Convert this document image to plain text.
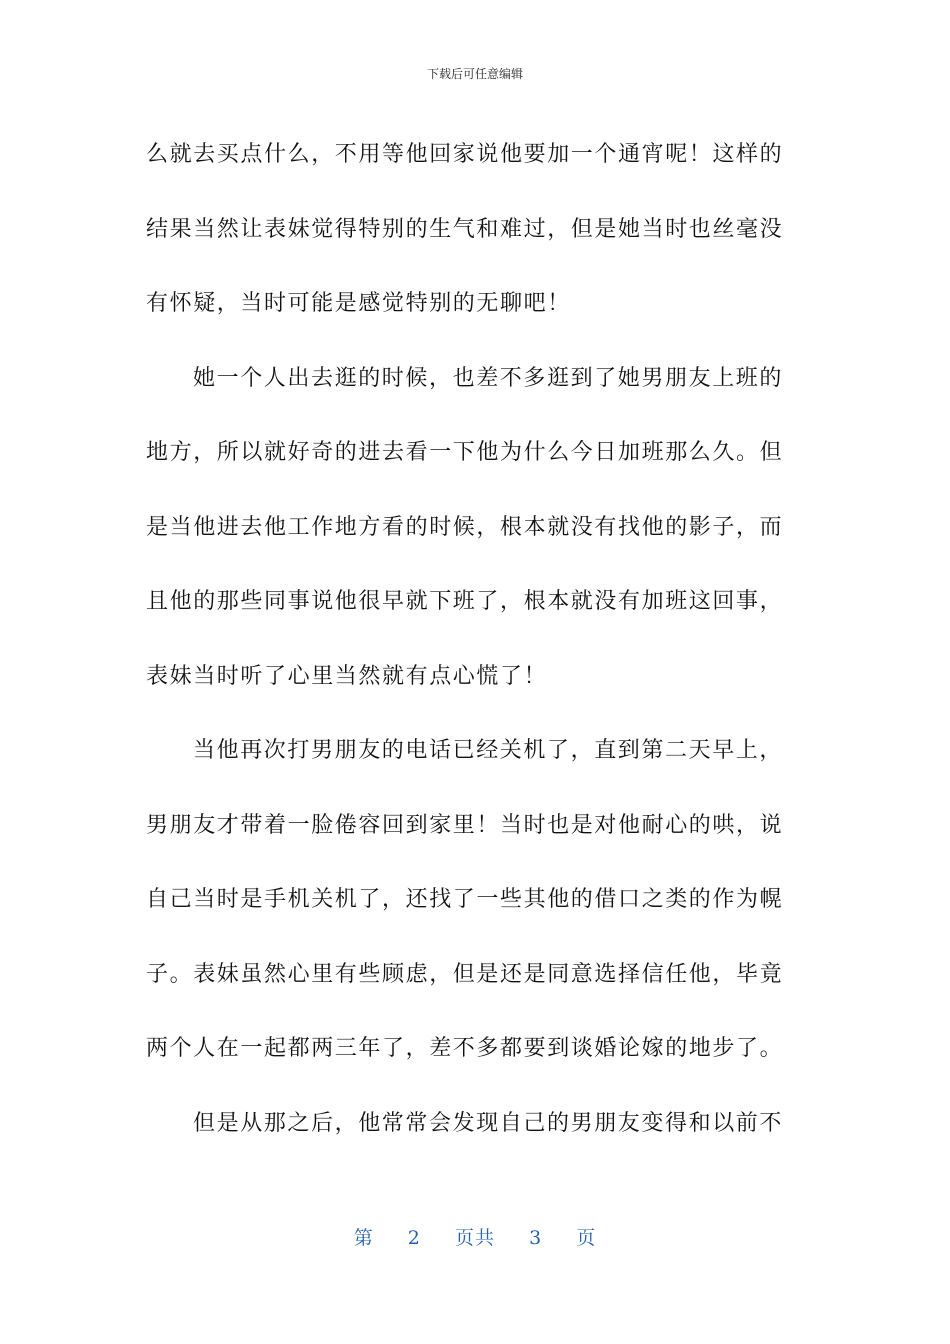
下载后可任意编辑
么就去买点什么，不用等他回家说他要加一个通宵呢！这样的
结果当然让表妹觉得特别的生气和难过，但是她当时也丝毫没
有怀疑，当时可能是感觉特别的无聊吧！
她一个人出去逛的时候，也差不多逛到了她男朋友上班的
地方，所以就好奇的进去看一下他为什么今日加班那么久。但
是当他进去他工作地方看的时候，根本就没有找他的影子，而
且他的那些同事说他很早就下班了，根本就没有加班这回事，
表妹当时听了心里当然就有点心慌了！
当他再次打男朋友的电话已经关机了，直到第二天早上，
男朋友才带着一脸倦容回到家里！当时也是对他耐心的哄，说
自己当时是手机关机了，还找了一些其他的借口之类的作为幌
子。表妹虽然心里有些顾虑，但是还是同意选择信任他，毕竟
两个人在一起都两三年了，差不多都要到谈婚论嫁的地步了。
但是从那之后，他常常会发现自己的男朋友变得和以前不
第 2 页共 3 页
